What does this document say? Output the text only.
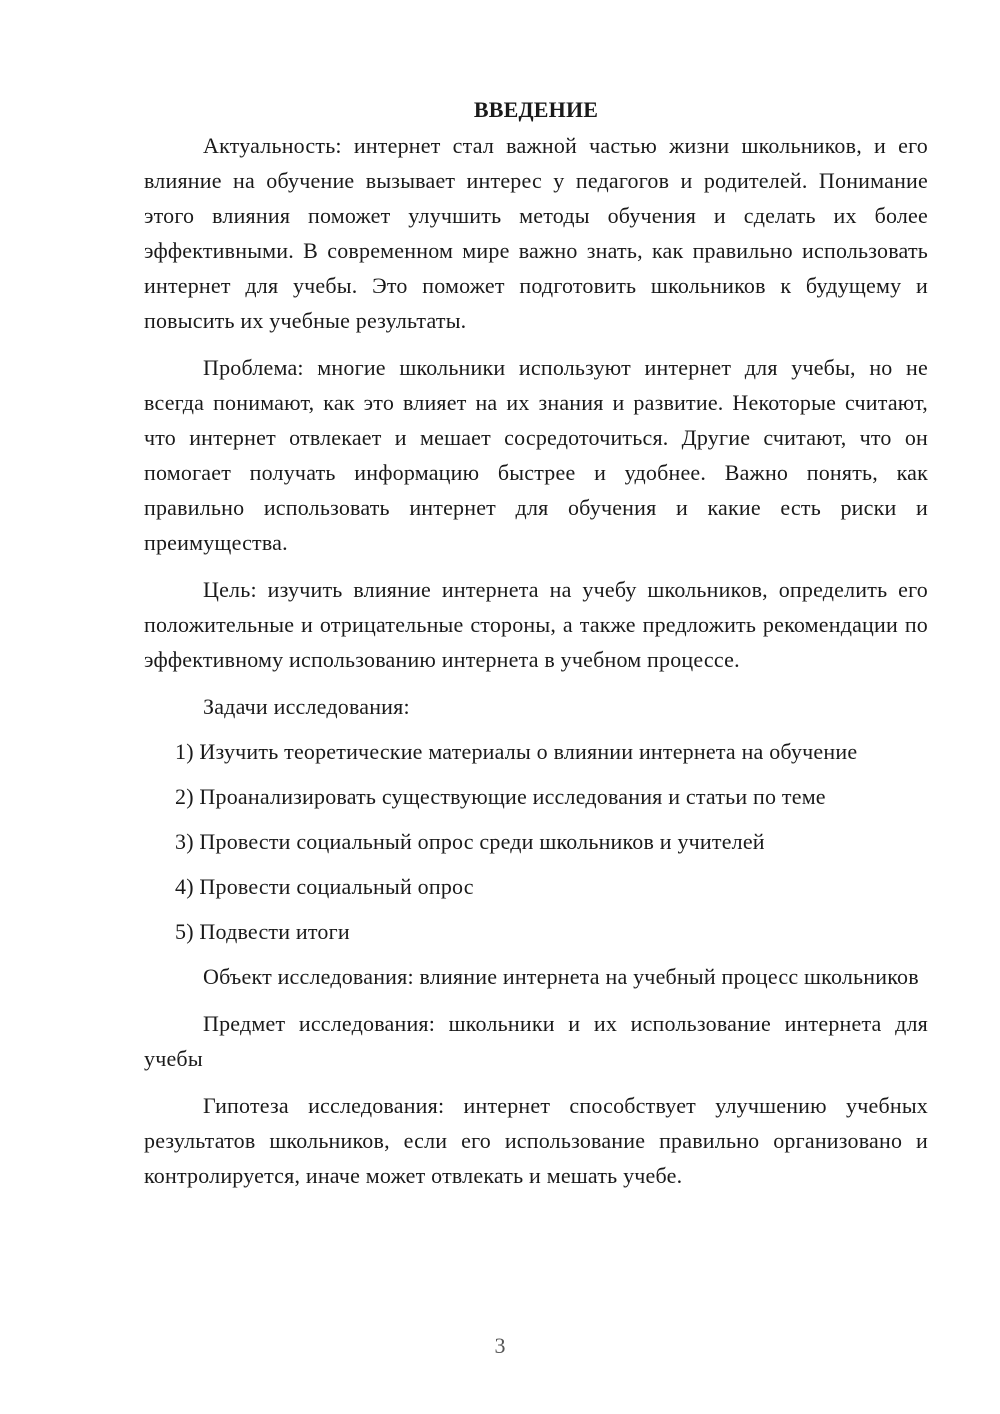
ВВЕДЕНИЕ

Актуальность: интернет стал важной частью жизни школьников, и его влияние на обучение вызывает интерес у педагогов и родителей. Понимание этого влияния поможет улучшить методы обучения и сделать их более эффективными. В современном мире важно знать, как правильно использовать интернет для учебы. Это поможет подготовить школьников к будущему и повысить их учебные результаты.

Проблема: многие школьники используют интернет для учебы, но не всегда понимают, как это влияет на их знания и развитие. Некоторые считают, что интернет отвлекает и мешает сосредоточиться. Другие считают, что он помогает получать информацию быстрее и удобнее. Важно понять, как правильно использовать интернет для обучения и какие есть риски и преимущества.

Цель: изучить влияние интернета на учебу школьников, определить его положительные и отрицательные стороны, а также предложить рекомендации по эффективному использованию интернета в учебном процессе.

Задачи исследования:
1) Изучить теоретические материалы о влиянии интернета на обучение
2) Проанализировать существующие исследования и статьи по теме
3) Провести социальный опрос среди школьников и учителей
4) Провести социальный опрос
5) Подвести итоги

Объект исследования: влияние интернета на учебный процесс школьников

Предмет исследования: школьники и их использование интернета для учебы

Гипотеза исследования: интернет способствует улучшению учебных результатов школьников, если его использование правильно организовано и контролируется, иначе может отвлекать и мешать учебе.

3
